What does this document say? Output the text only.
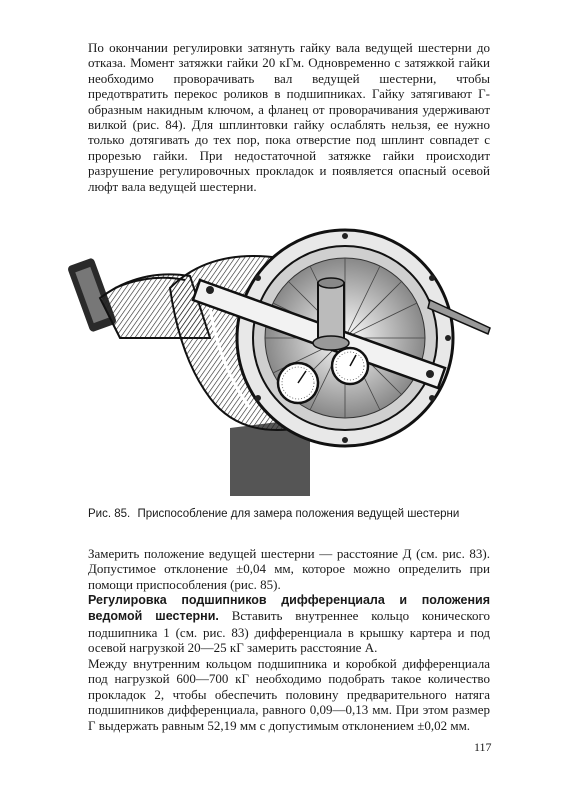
По окончании регулировки затянуть гайку вала ведущей шестерни до отказа. Момент затяжки гайки 20 кГм. Одновременно с затяжкой гайки необходимо проворачивать вал ведущей шестерни, чтобы предотвратить перекос роликов в подшипниках. Гайку затягивают Г-образным накидным ключом, а фланец от проворачивания удерживают вилкой (рис. 84). Для шплинтовки гайку ослаблять нельзя, ее нужно только дотягивать до тех пор, пока отверстие под шплинт совпадет с прорезью гайки. При недостаточной затяжке гайки происходит разрушение регулировочных прокладок и появляется опасный осевой люфт вала ведущей шестерни.

Рис. 85. Приспособление для замера положения ведущей шестерни

Замерить положение ведущей шестерни — расстояние Д (см. рис. 83). Допустимое отклонение ±0,04 мм, которое можно определить при помощи приспособления (рис. 85).

Регулировка подшипников дифференциала и положения ведомой шестерни. Вставить внутреннее кольцо конического подшипника 1 (см. рис. 83) дифференциала в крышку картера и под осевой нагрузкой 20—25 кГ замерить расстояние А.

Между внутренним кольцом подшипника и коробкой дифференциала под нагрузкой 600—700 кГ необходимо подобрать такое количество прокладок 2, чтобы обеспечить половину предварительного натяга подшипников дифференциала, равного 0,09—0,13 мм. При этом размер Г выдержать равным 52,19 мм с допустимым отклонением ±0,02 мм.

117
